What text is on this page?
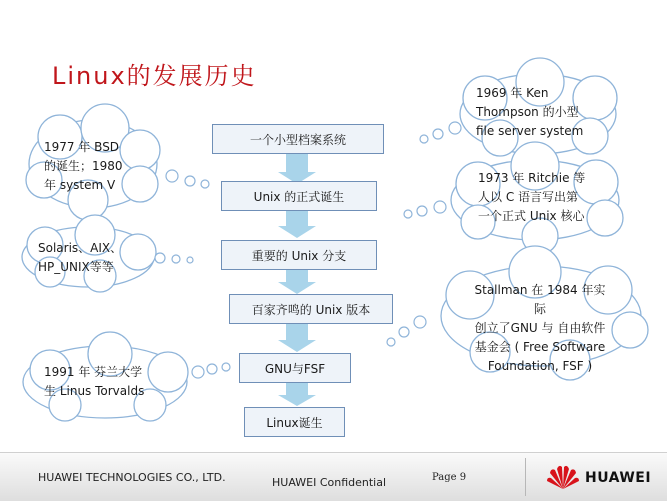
Linux的发展历史
一个小型档案系统
Unix 的正式诞生
重要的 Unix 分支
百家齐鸣的 Unix 版本
GNU与FSF
Linux诞生
1977 年 BSD
的诞生；1980
年 system V
Solaris、AIX、
HP_UNIX等等
1991 年 芬兰大学
生 Linus Torvalds
1969 年 Ken
Thompson 的小型
file server system
1973 年 Ritchie 等
人以 C 语言写出第
一个正式 Unix 核心
Stallman 在 1984 年实际
创立了GNU 与 自由软件
基金会 ( Free Software
Foundation, FSF )
HUAWEI TECHNOLOGIES CO., LTD.	HUAWEI Confidential	Page 9	HUAWEI
